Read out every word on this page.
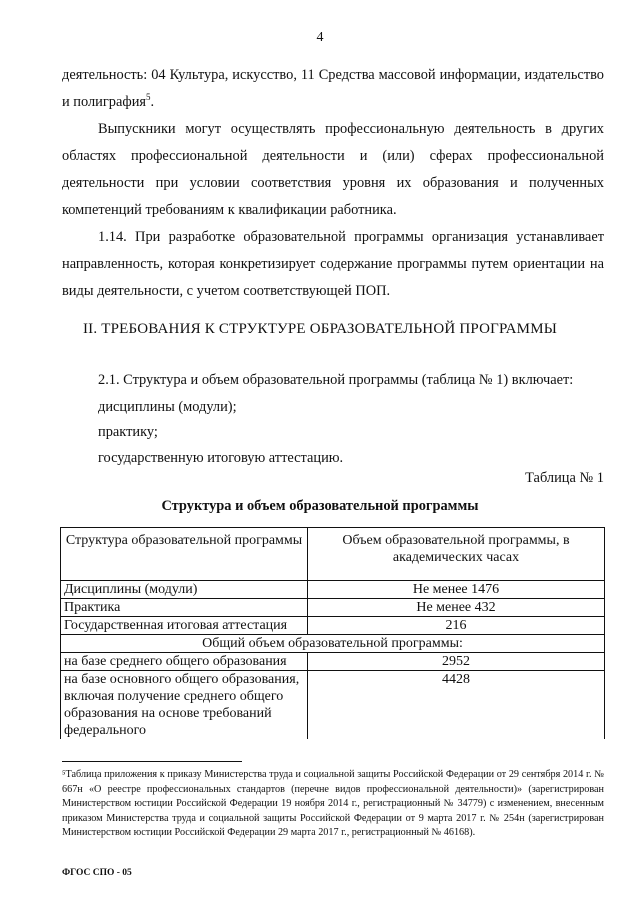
4

деятельность: 04 Культура, искусство, 11 Средства массовой информации, издательство и полиграфия$^5$.

Выпускники могут осуществлять профессиональную деятельность в других областях профессиональной деятельности и (или) сферах профессиональной деятельности при условии соответствия уровня их образования и полученных компетенций требованиям к квалификации работника.

1.14. При разработке образовательной программы организация устанавливает направленность, которая конкретизирует содержание программы путем ориентации на виды деятельности, с учетом соответствующей ПОП.

II. ТРЕБОВАНИЯ К СТРУКТУРЕ ОБРАЗОВАТЕЛЬНОЙ ПРОГРАММЫ
2.1. Структура и объем образовательной программы (таблица № 1) включает:
дисциплины (модули);
практику;
государственную итоговую аттестацию.
Таблица № 1
Структура и объем образовательной программы
Структура образовательной программы	Объем образовательной программы, в академических часах
Дисциплины (модули)	Не менее 1476
Практика	Не менее 432
Государственная итоговая аттестация	216
Общий объем образовательной программы:	
на базе среднего общего образования	2952
на базе основного общего образования, включая получение среднего общего образования на основе требований федерального	4428
⁵Таблица приложения к приказу Министерства труда и социальной защиты Российской Федерации от 29 сентября 2014 г. № 667н «О реестре профессиональных стандартов (перечне видов профессиональной деятельности)» (зарегистрирован Министерством юстиции Российской Федерации 19 ноября 2014 г., регистрационный № 34779) с изменением, внесенным приказом Министерства труда и социальной защиты Российской Федерации от 9 марта 2017 г. № 254н (зарегистрирован Министерством юстиции Российской Федерации 29 марта 2017 г., регистрационный № 46168).
ФГОС СПО - 05
